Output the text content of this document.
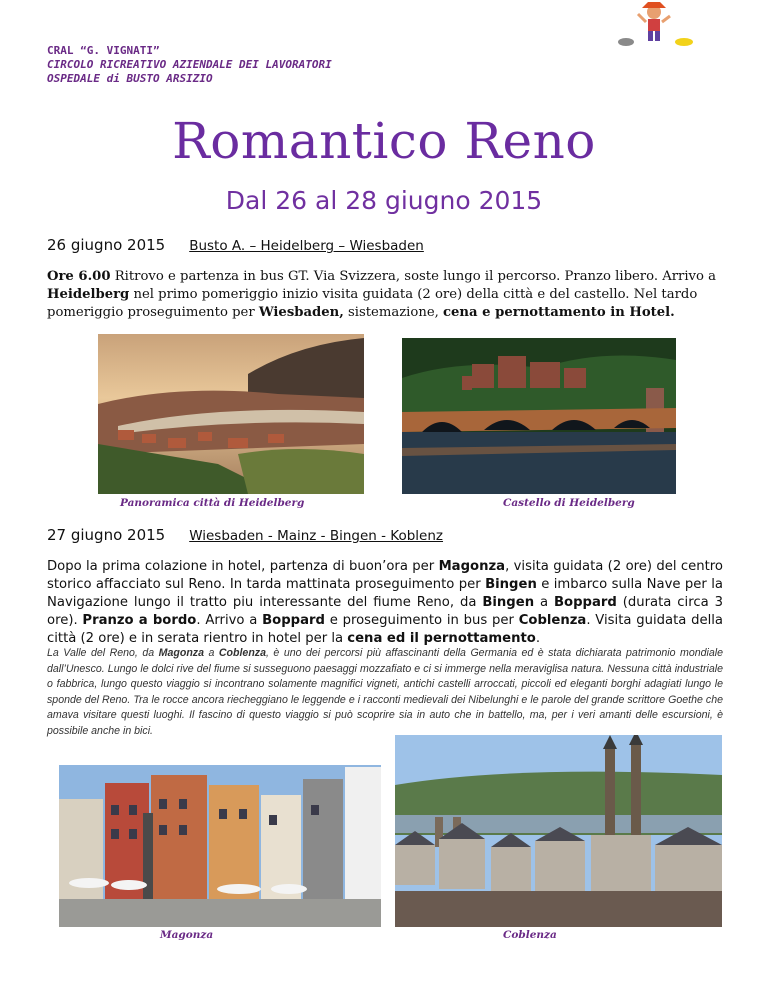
CRAL “G. VIGNATI”
CIRCOLO RICREATIVO AZIENDALE DEI LAVORATORI
OSPEDALE di BUSTO ARSIZIO
Romantico Reno
Dal 26 al 28 giugno 2015
26 giugno 2015 Busto A. – Heidelberg – Wiesbaden
Ore 6.00 Ritrovo e partenza in bus GT. Via Svizzera, soste lungo il percorso. Pranzo libero. Arrivo a Heidelberg nel primo pomeriggio inizio visita guidata (2 ore) della città e del castello. Nel tardo pomeriggio proseguimento per Wiesbaden, sistemazione, cena e pernottamento in Hotel.
Panoramica città di Heidelberg	Castello di Heidelberg
27 giugno 2015 Wiesbaden - Mainz - Bingen - Koblenz
Dopo la prima colazione in hotel, partenza di buon’ora per Magonza, visita guidata (2 ore) del centro storico affacciato sul Reno. In tarda mattinata proseguimento per Bingen e imbarco sulla Nave per la Navigazione lungo il tratto piu interessante del fiume Reno, da Bingen a Boppard (durata circa 3 ore). Pranzo a bordo. Arrivo a Boppard e proseguimento in bus per Coblenza. Visita guidata della città (2 ore) e in serata rientro in hotel per la cena ed il pernottamento.
La Valle del Reno, da Magonza a Coblenza, è uno dei percorsi più affascinanti della Germania ed è stata dichiarata patrimonio mondiale dall’Unesco. Lungo le dolci rive del fiume si susseguono paesaggi mozzafiato e ci si immerge nella meraviglisa natura. Nessuna città industriale o fabbrica, lungo questo viaggio si incontrano solamente magnifici vigneti, antichi castelli arroccati, piccoli ed eleganti borghi adagiati lungo le sponde del Reno. Tra le rocce ancora riecheggiano le leggende e i racconti medievali dei Nibelunghi e le parole del grande scrittore Goethe che amava visitare questi luoghi. Il fascino di questo viaggio si può scoprire sia in auto che in battello, ma, per i veri amanti delle escursioni, è possibile anche in bici.
Magonza	Coblenza
